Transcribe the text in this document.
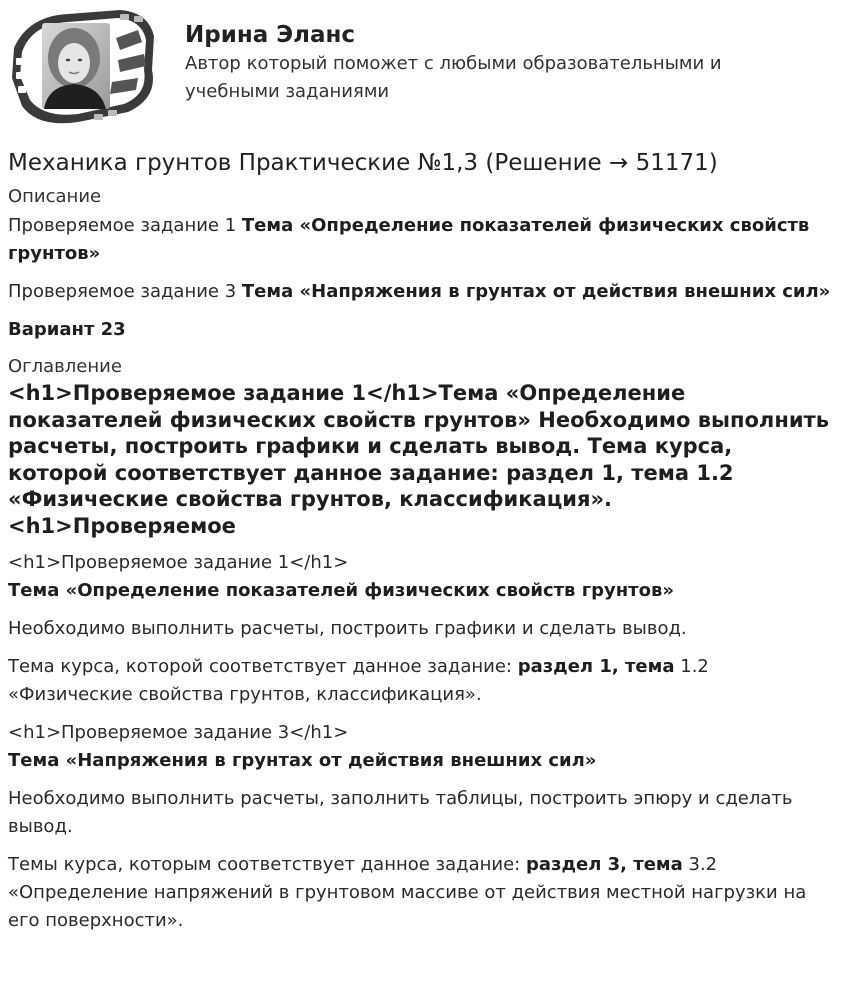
Ирина Эланс

Автор который поможет с любыми образовательными и учебными заданиями

Механика грунтов Практические №1,3 (Решение → 51171)
Описание

Проверяемое задание 1 Тема «Определение показателей физических свойств грунтов»

Проверяемое задание 3 Тема «Напряжения в грунтах от действия внешних сил»

Вариант 23

Оглавление
<h1>Проверяемое задание 1</h1>Тема «Определение показателей физических свойств грунтов» Необходимо выполнить расчеты, построить графики и сделать вывод. Тема курса, которой соответствует данное задание: раздел 1, тема 1.2 «Физические свойства грунтов, классификация». <h1>Проверяемое
<h1>Проверяемое задание 1</h1>

Тема «Определение показателей физических свойств грунтов»

Необходимо выполнить расчеты, построить графики и сделать вывод.

Тема курса, которой соответствует данное задание: раздел 1, тема 1.2 «Физические свойства грунтов, классификация».

<h1>Проверяемое задание 3</h1>

Тема «Напряжения в грунтах от действия внешних сил»

Необходимо выполнить расчеты, заполнить таблицы, построить эпюру и сделать вывод.

Темы курса, которым соответствует данное задание: раздел 3, тема 3.2 «Определение напряжений в грунтовом массиве от действия местной нагрузки на его поверхности».
